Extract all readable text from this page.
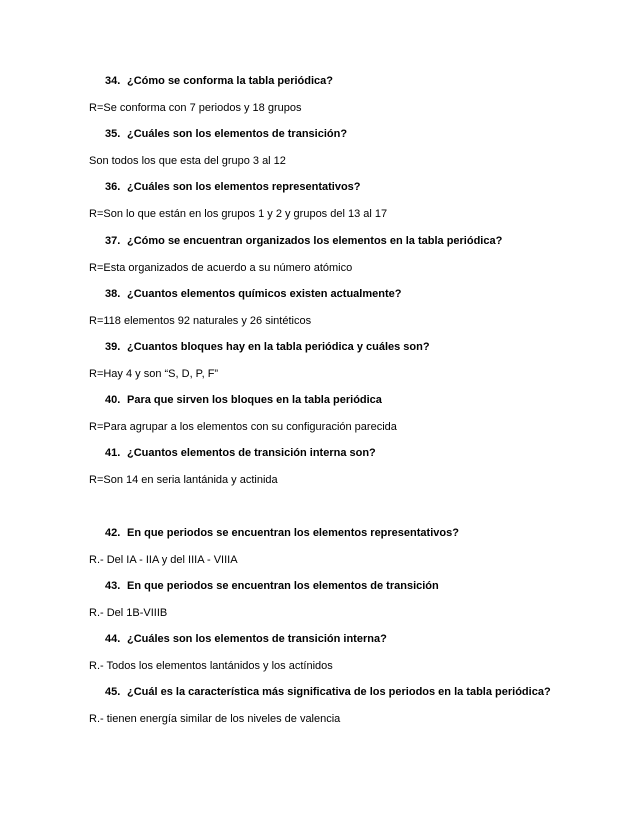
34. ¿Cómo se conforma la tabla periódica?
R=Se conforma con 7 periodos y 18 grupos
35. ¿Cuáles son los elementos de transición?
Son todos los que esta del grupo 3 al 12
36. ¿Cuáles son los elementos representativos?
R=Son lo que están en los grupos 1 y 2 y grupos del 13 al 17
37. ¿Cómo se encuentran organizados los elementos en la tabla periódica?
R=Esta organizados de acuerdo a su número atómico
38. ¿Cuantos elementos químicos existen actualmente?
R=118 elementos 92 naturales y 26 sintéticos
39. ¿Cuantos bloques hay en la tabla periódica y cuáles son?
R=Hay 4 y son “S, D, P, F”
40. Para que sirven los bloques en la tabla periódica
R=Para agrupar a los elementos con su configuración parecida
41. ¿Cuantos elementos de transición interna son?
R=Son 14 en seria lantánida y actinida
42. En que periodos se encuentran los elementos representativos?
R.- Del IA - IIA y del IIIA - VIIIA
43. En que periodos se encuentran los elementos de transición
R.- Del 1B-VIIIB
44. ¿Cuáles son los elementos de transición interna?
R.- Todos los elementos lantánidos y los actínidos
45. ¿Cuál es la característica más significativa de los periodos en la tabla periódica?
R.- tienen energía similar de los niveles de valencia
